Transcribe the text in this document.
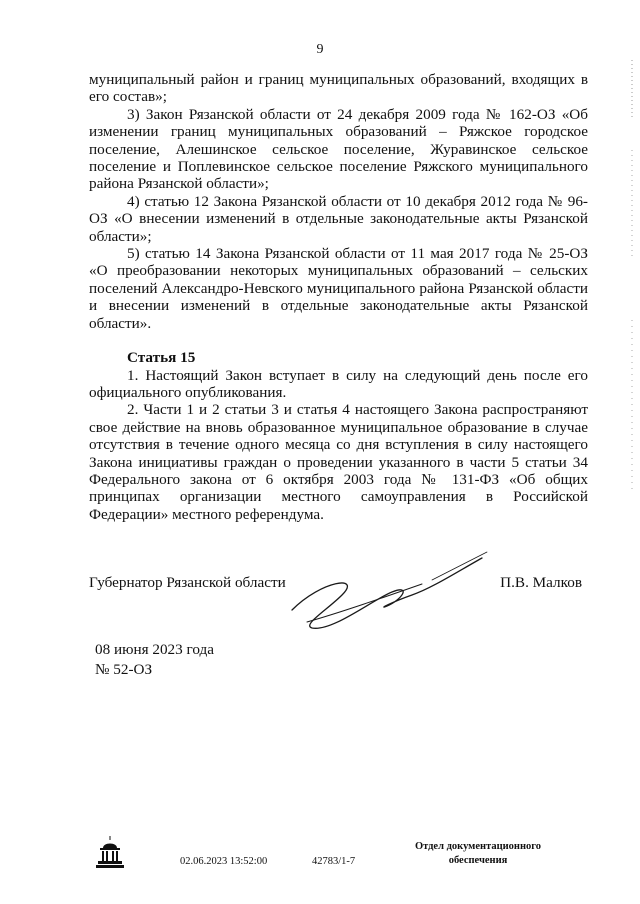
9

муниципальный район и границ муниципальных образований, входящих в его состав»;

3) Закон Рязанской области от 24 декабря 2009 года № 162-ОЗ «Об изменении границ муниципальных образований – Ряжское городское поселение, Алешинское сельское поселение, Журавинское сельское поселение и Поплевинское сельское поселение Ряжского муниципального района Рязанской области»;

4) статью 12 Закона Рязанской области от 10 декабря 2012 года № 96-ОЗ «О внесении изменений в отдельные законодательные акты Рязанской области»;

5) статью 14 Закона Рязанской области от 11 мая 2017 года № 25-ОЗ «О преобразовании некоторых муниципальных образований – сельских поселений Александро-Невского муниципального района Рязанской области и внесении изменений в отдельные законодательные акты Рязанской области».

Статья 15

1. Настоящий Закон вступает в силу на следующий день после его официального опубликования.

2. Части 1 и 2 статьи 3 и статья 4 настоящего Закона распространяют свое действие на вновь образованное муниципальное образование в случае отсутствия в течение одного месяца со дня вступления в силу настоящего Закона инициативы граждан о проведении указанного в части 5 статьи 34 Федерального закона от 6 октября 2003 года № 131-ФЗ «Об общих принципах организации местного самоуправления в Российской Федерации» местного референдума.

Губернатор Рязанской области	П.В. Малков
08 июня 2023 года
№ 52-ОЗ
02.06.2023 13:52:00	42783/1-7
Отдел документационного
обеспечения
